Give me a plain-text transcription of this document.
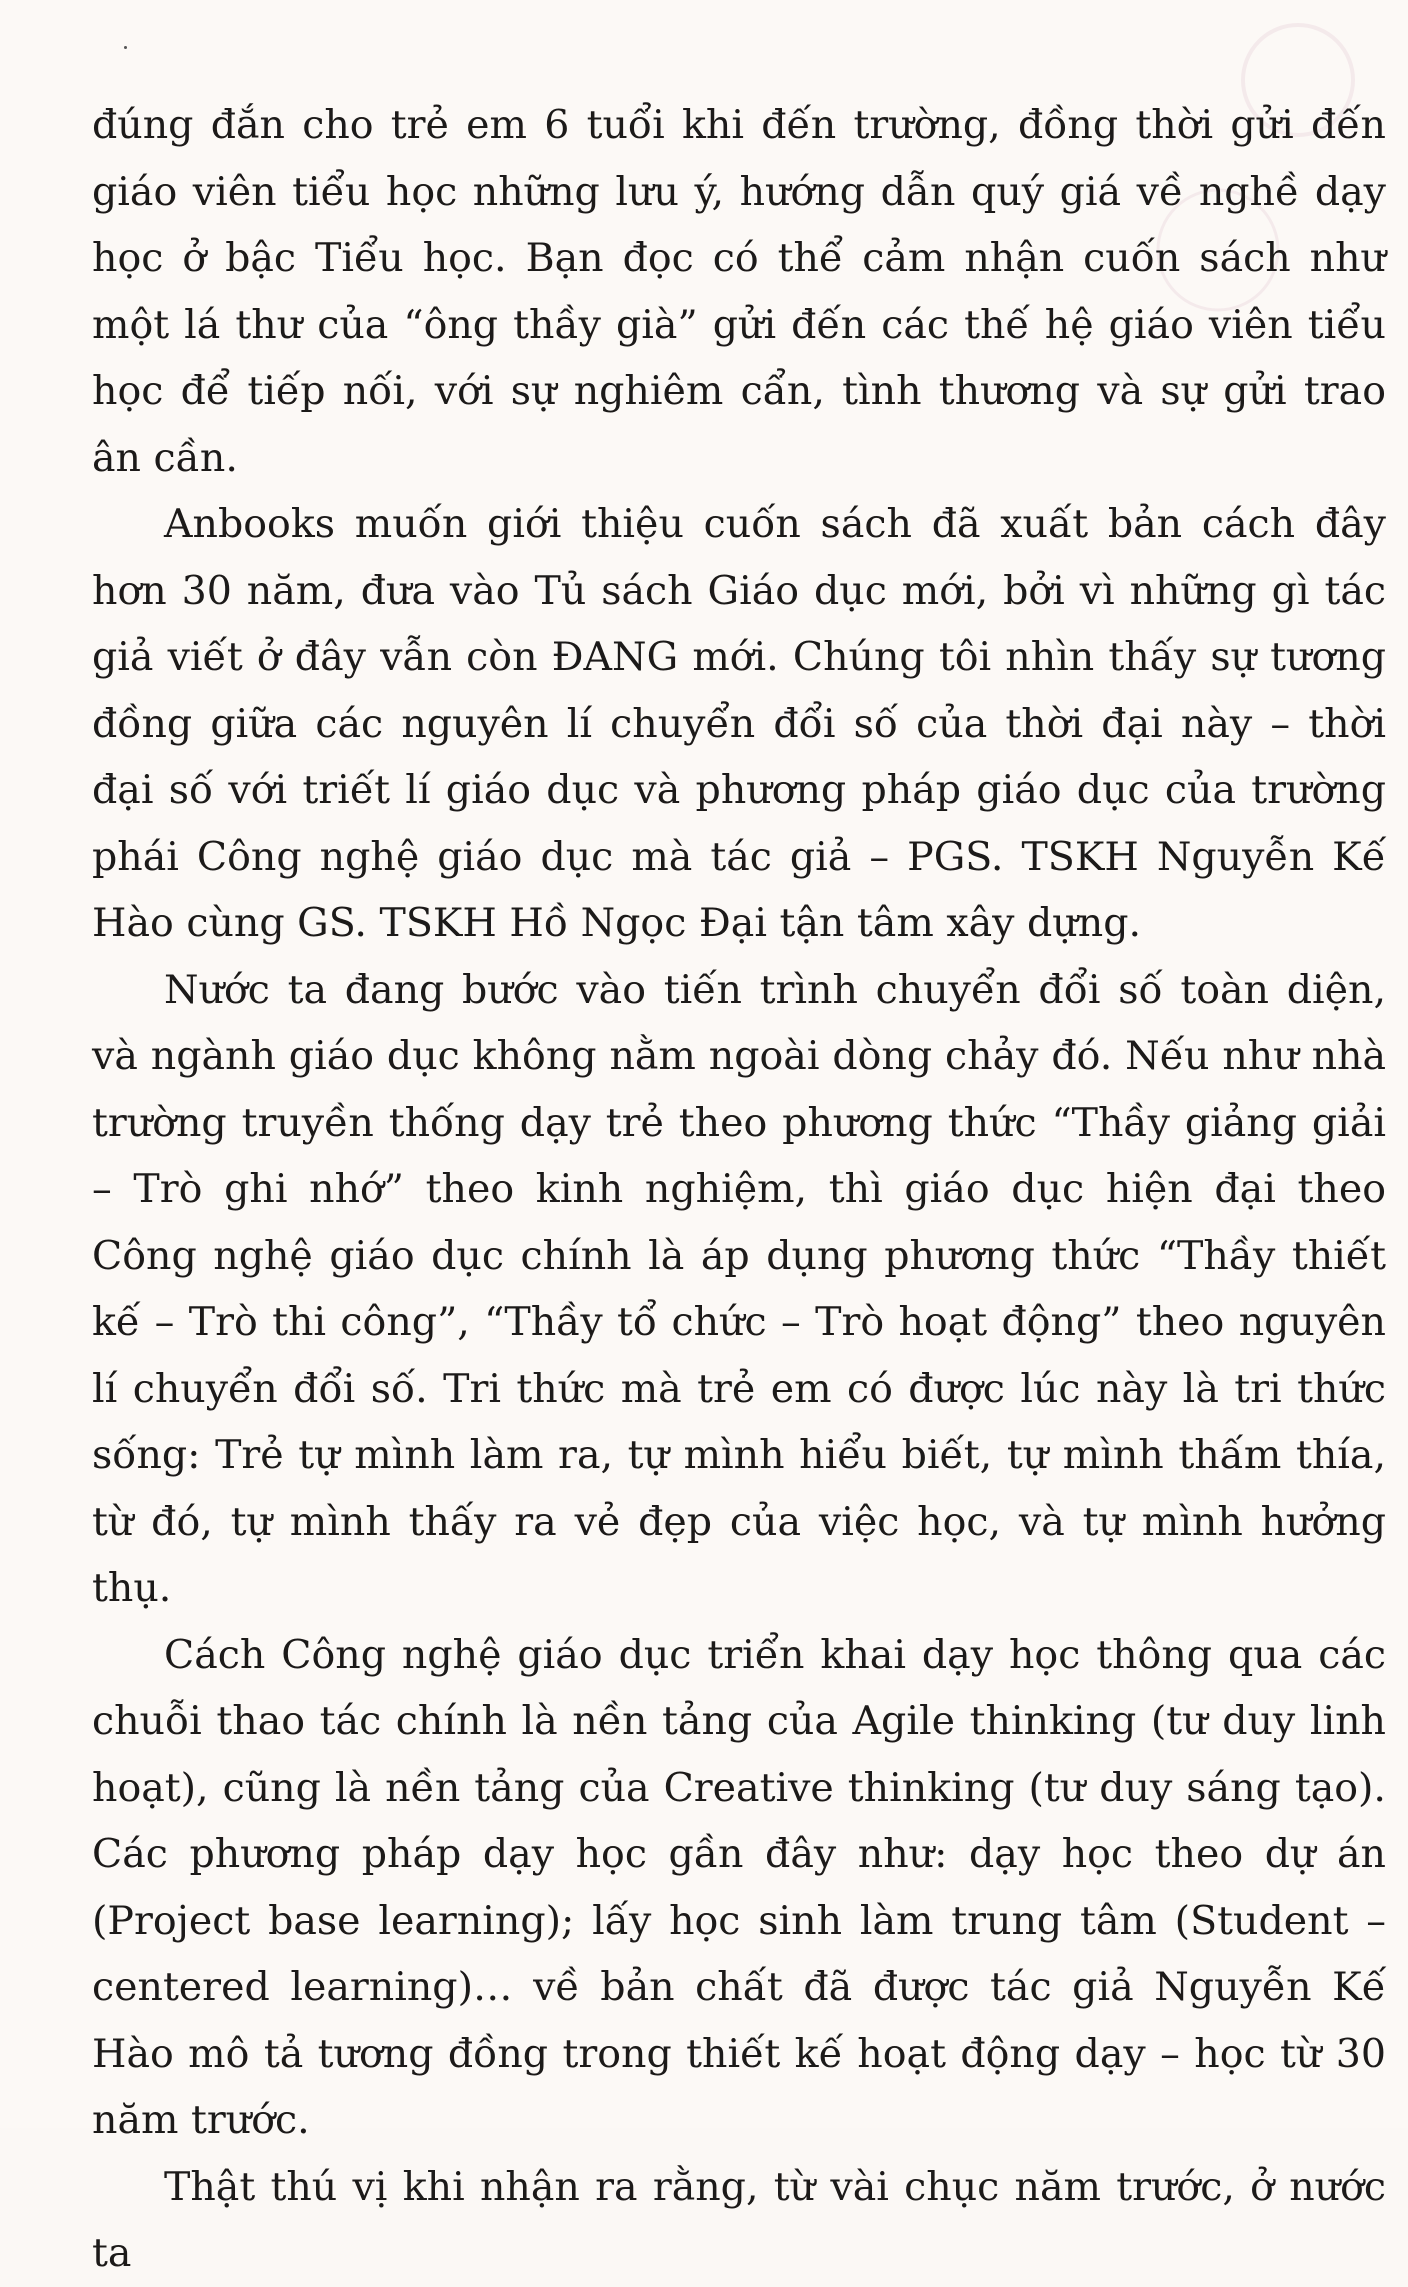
đúng đắn cho trẻ em 6 tuổi khi đến trường, đồng thời gửi đến giáo viên tiểu học những lưu ý, hướng dẫn quý giá về nghề dạy học ở bậc Tiểu học. Bạn đọc có thể cảm nhận cuốn sách như một lá thư của “ông thầy già” gửi đến các thế hệ giáo viên tiểu học để tiếp nối, với sự nghiêm cẩn, tình thương và sự gửi trao ân cần.

Anbooks muốn giới thiệu cuốn sách đã xuất bản cách đây hơn 30 năm, đưa vào Tủ sách Giáo dục mới, bởi vì những gì tác giả viết ở đây vẫn còn ĐANG mới. Chúng tôi nhìn thấy sự tương đồng giữa các nguyên lí chuyển đổi số của thời đại này – thời đại số với triết lí giáo dục và phương pháp giáo dục của trường phái Công nghệ giáo dục mà tác giả – PGS. TSKH Nguyễn Kế Hào cùng GS. TSKH Hồ Ngọc Đại tận tâm xây dựng.

Nước ta đang bước vào tiến trình chuyển đổi số toàn diện, và ngành giáo dục không nằm ngoài dòng chảy đó. Nếu như nhà trường truyền thống dạy trẻ theo phương thức “Thầy giảng giải – Trò ghi nhớ” theo kinh nghiệm, thì giáo dục hiện đại theo Công nghệ giáo dục chính là áp dụng phương thức “Thầy thiết kế – Trò thi công”, “Thầy tổ chức – Trò hoạt động” theo nguyên lí chuyển đổi số. Tri thức mà trẻ em có được lúc này là tri thức sống: Trẻ tự mình làm ra, tự mình hiểu biết, tự mình thấm thía, từ đó, tự mình thấy ra vẻ đẹp của việc học, và tự mình hưởng thụ.

Cách Công nghệ giáo dục triển khai dạy học thông qua các chuỗi thao tác chính là nền tảng của Agile thinking (tư duy linh hoạt), cũng là nền tảng của Creative thinking (tư duy sáng tạo). Các phương pháp dạy học gần đây như: dạy học theo dự án (Project base learning); lấy học sinh làm trung tâm (Student – centered learning)… về bản chất đã được tác giả Nguyễn Kế Hào mô tả tương đồng trong thiết kế hoạt động dạy – học từ 30 năm trước.

Thật thú vị khi nhận ra rằng, từ vài chục năm trước, ở nước ta
